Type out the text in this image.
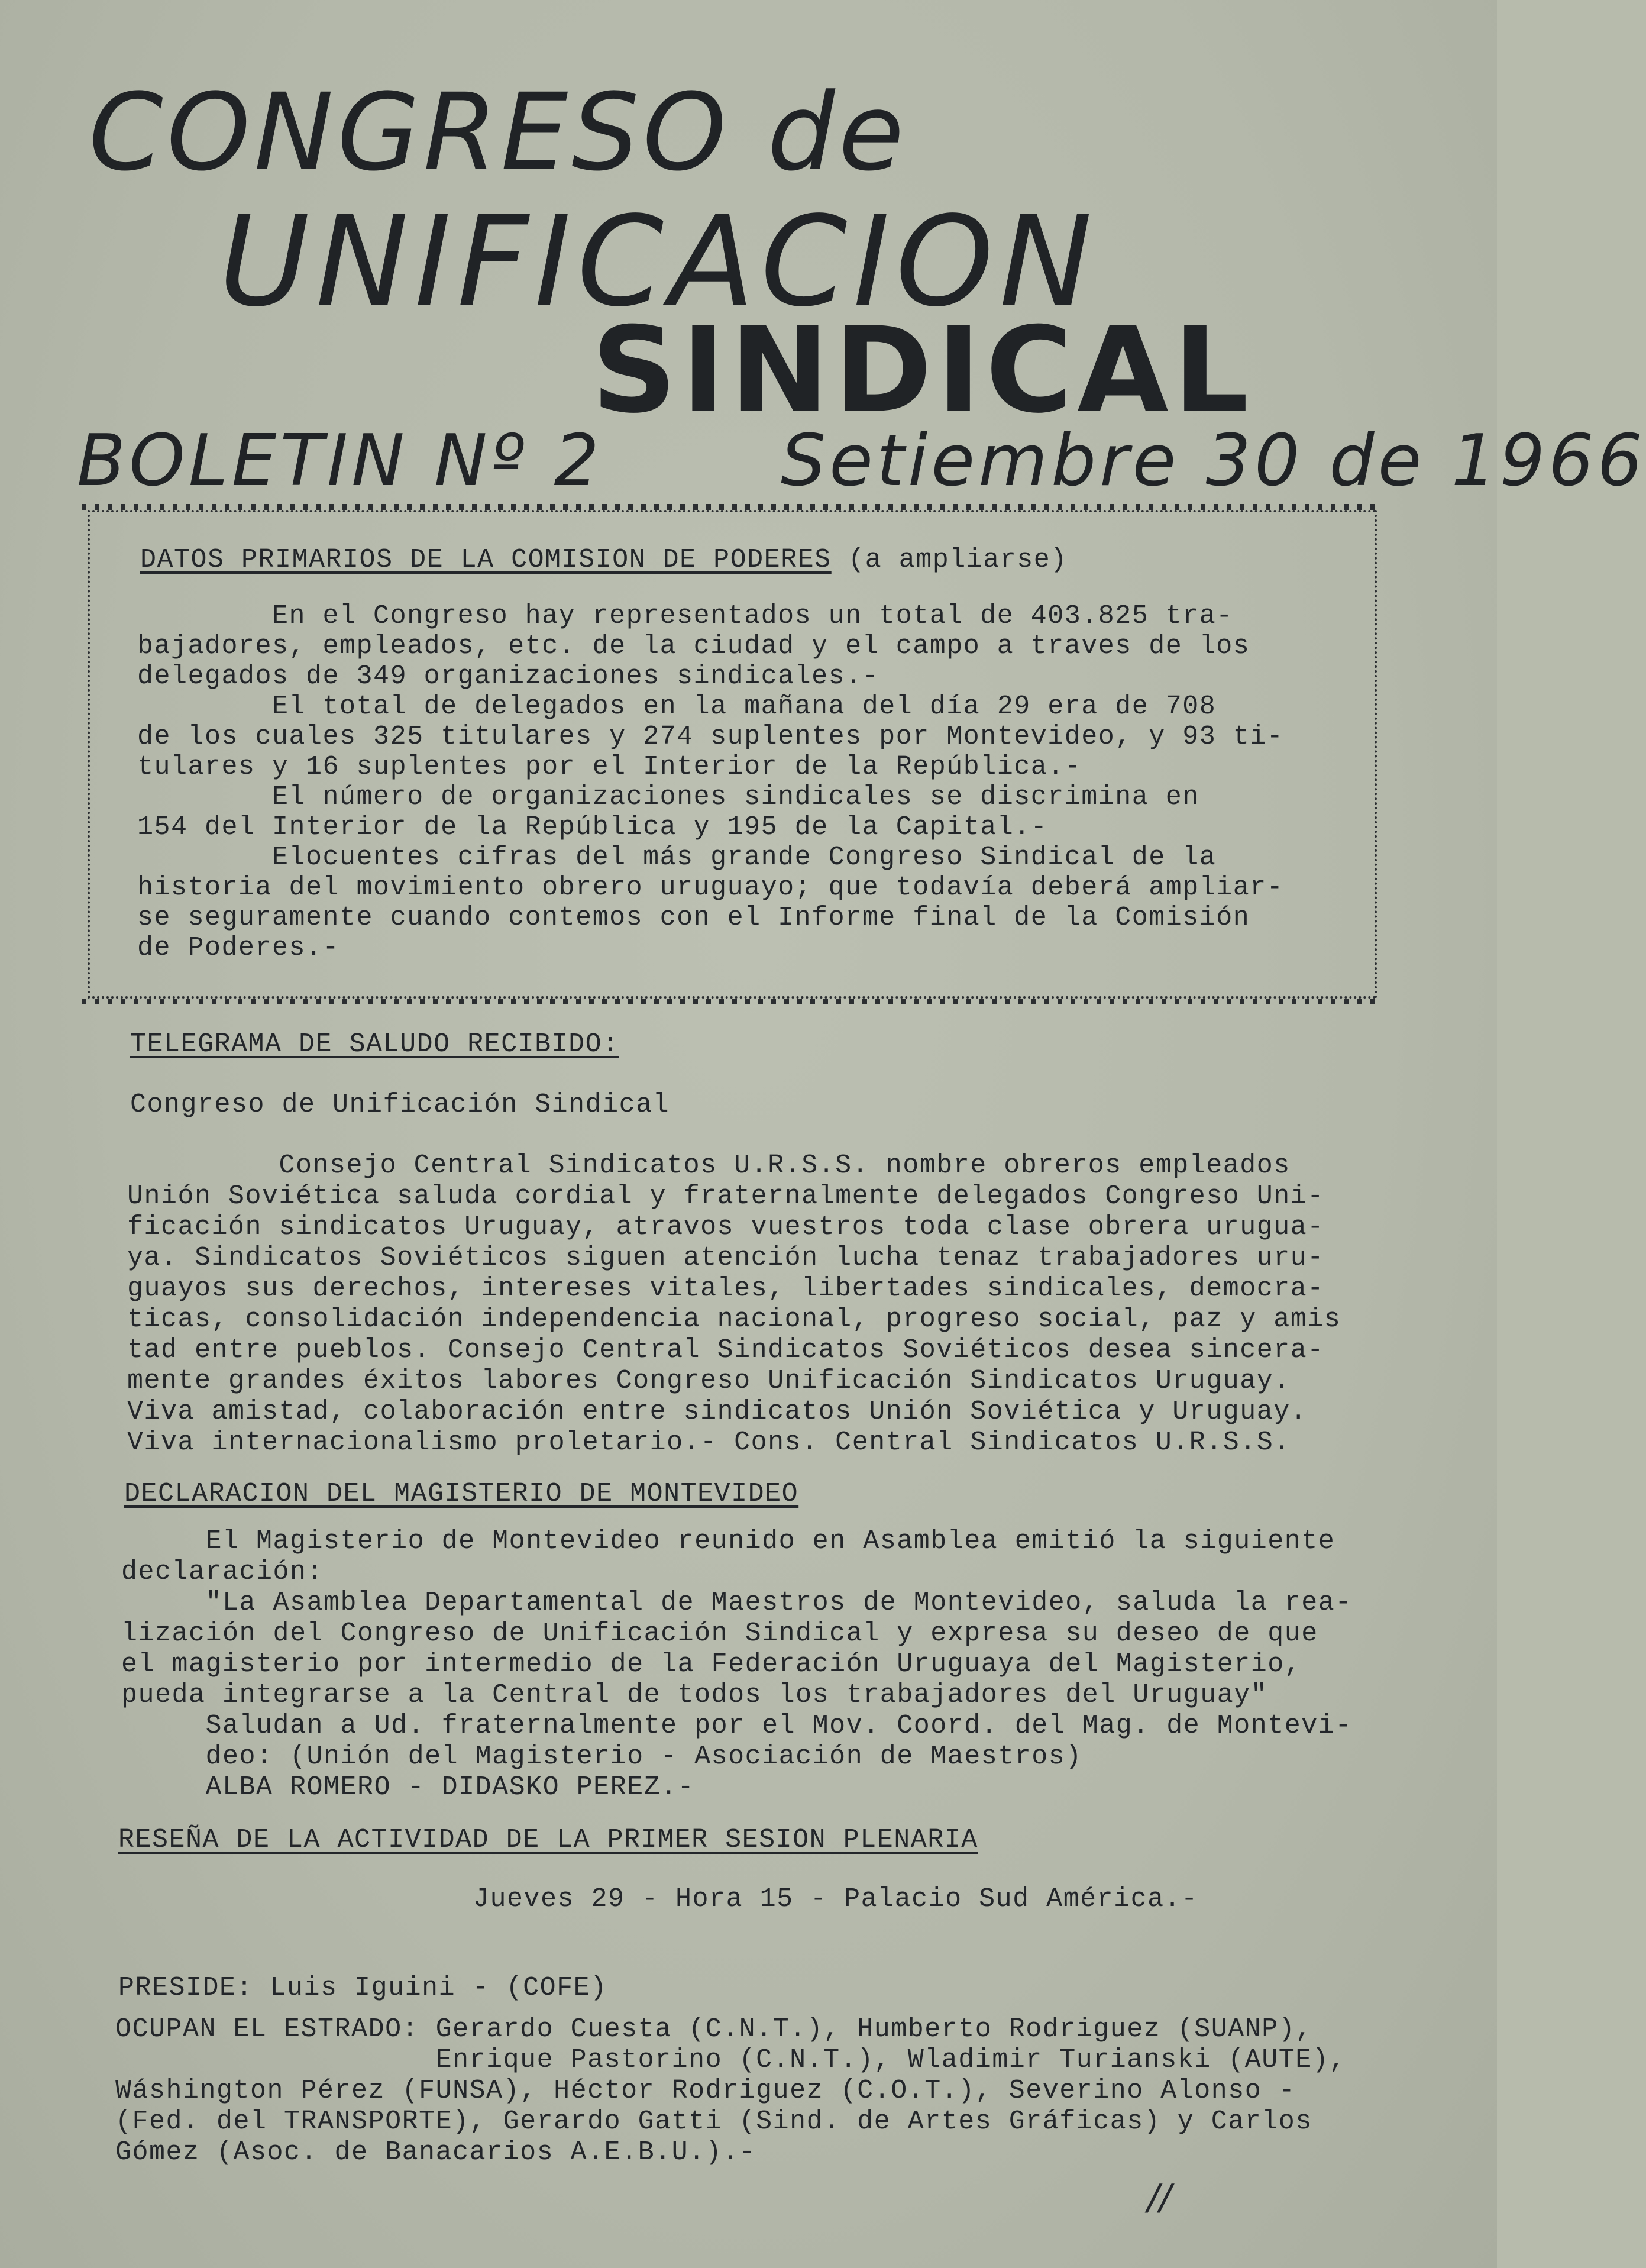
CONGRESO de
UNIFICACION
SINDICAL
BOLETIN Nº 2	Setiembre 30 de 1966
DATOS PRIMARIOS DE LA COMISION DE PODERES (a ampliarse)
En el Congreso hay representados un total de 403.825 tra-
bajadores, empleados, etc. de la ciudad y el campo a traves de los
delegados de 349 organizaciones sindicales.-
El total de delegados en la mañana del día 29 era de 708
de los cuales 325 titulares y 274 suplentes por Montevideo, y 93 ti-
tulares y 16 suplentes por el Interior de la República.-
El número de organizaciones sindicales se discrimina en
154 del Interior de la República y 195 de la Capital.-
Elocuentes cifras del más grande Congreso Sindical de la
historia del movimiento obrero uruguayo; que todavía deberá ampliar-
se seguramente cuando contemos con el Informe final de la Comisión
de Poderes.-
TELEGRAMA DE SALUDO RECIBIDO:
Congreso de Unificación Sindical
Consejo Central Sindicatos U.R.S.S. nombre obreros empleados
Unión Soviética saluda cordial y fraternalmente delegados Congreso Uni-
ficación sindicatos Uruguay, atravos vuestros toda clase obrera urugua-
ya. Sindicatos Soviéticos siguen atención lucha tenaz trabajadores uru-
guayos sus derechos, intereses vitales, libertades sindicales, democra-
ticas, consolidación independencia nacional, progreso social, paz y amis
tad entre pueblos. Consejo Central Sindicatos Soviéticos desea sincera-
mente grandes éxitos labores Congreso Unificación Sindicatos Uruguay.
Viva amistad, colaboración entre sindicatos Unión Soviética y Uruguay.
Viva internacionalismo proletario.- Cons. Central Sindicatos U.R.S.S.
DECLARACION DEL MAGISTERIO DE MONTEVIDEO
El Magisterio de Montevideo reunido en Asamblea emitió la siguiente
declaración:
"La Asamblea Departamental de Maestros de Montevideo, saluda la rea-
lización del Congreso de Unificación Sindical y expresa su deseo de que
el magisterio por intermedio de la Federación Uruguaya del Magisterio,
pueda integrarse a la Central de todos los trabajadores del Uruguay"
Saludan a Ud. fraternalmente por el Mov. Coord. del Mag. de Montevi-
deo: (Unión del Magisterio - Asociación de Maestros)
ALBA ROMERO - DIDASKO PEREZ.-
RESEÑA DE LA ACTIVIDAD DE LA PRIMER SESION PLENARIA
Jueves 29 - Hora 15 - Palacio Sud América.-
PRESIDE: Luis Iguini - (COFE)
OCUPAN EL ESTRADO: Gerardo Cuesta (C.N.T.), Humberto Rodriguez (SUANP),
Enrique Pastorino (C.N.T.), Wladimir Turianski (AUTE),
Wáshington Pérez (FUNSA), Héctor Rodriguez (C.O.T.), Severino Alonso -
(Fed. del TRANSPORTE), Gerardo Gatti (Sind. de Artes Gráficas) y Carlos
Gómez (Asoc. de Banacarios A.E.B.U.).-
//
